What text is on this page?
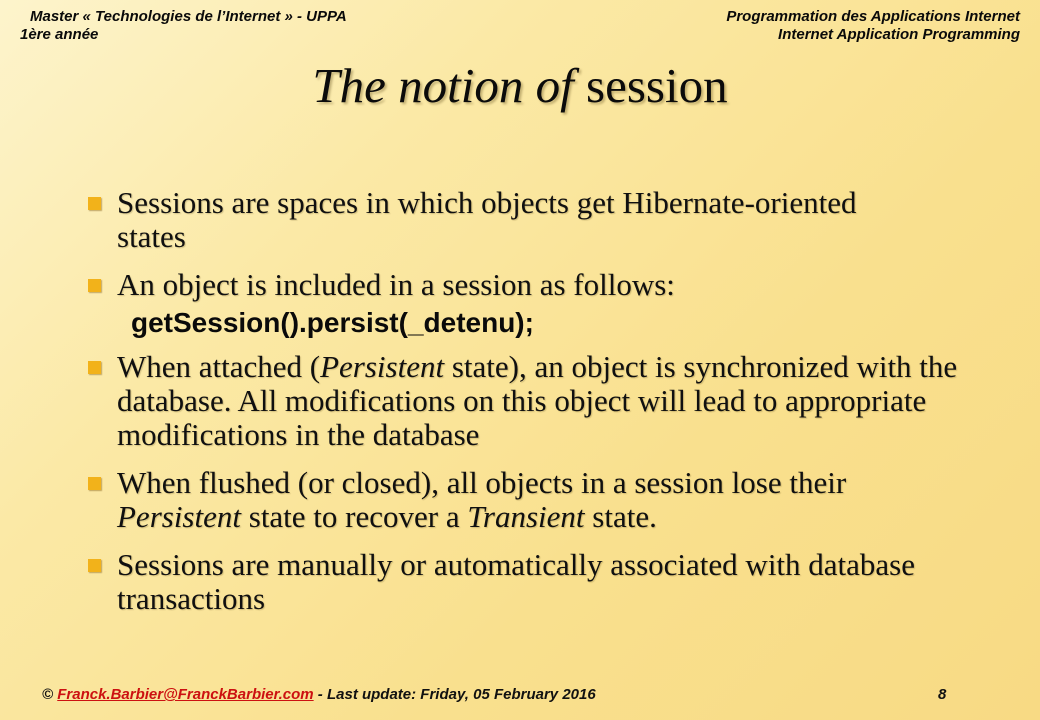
Master « Technologies de l’Internet » - UPPA
1ère année
Programmation des Applications Internet
Internet Application Programming
The notion of session
Sessions are spaces in which objects get Hibernate-oriented states
An object is included in a session as follows:
getSession().persist(_detenu);
When attached (Persistent state), an object is synchronized with the database. All modifications on this object will lead to appropriate modifications in the database
When flushed (or closed), all objects in a session lose their Persistent state to recover a Transient state.
Sessions are manually or automatically associated with database transactions
© Franck.Barbier@FranckBarbier.com - Last update: Friday, 05 February 2016	8
